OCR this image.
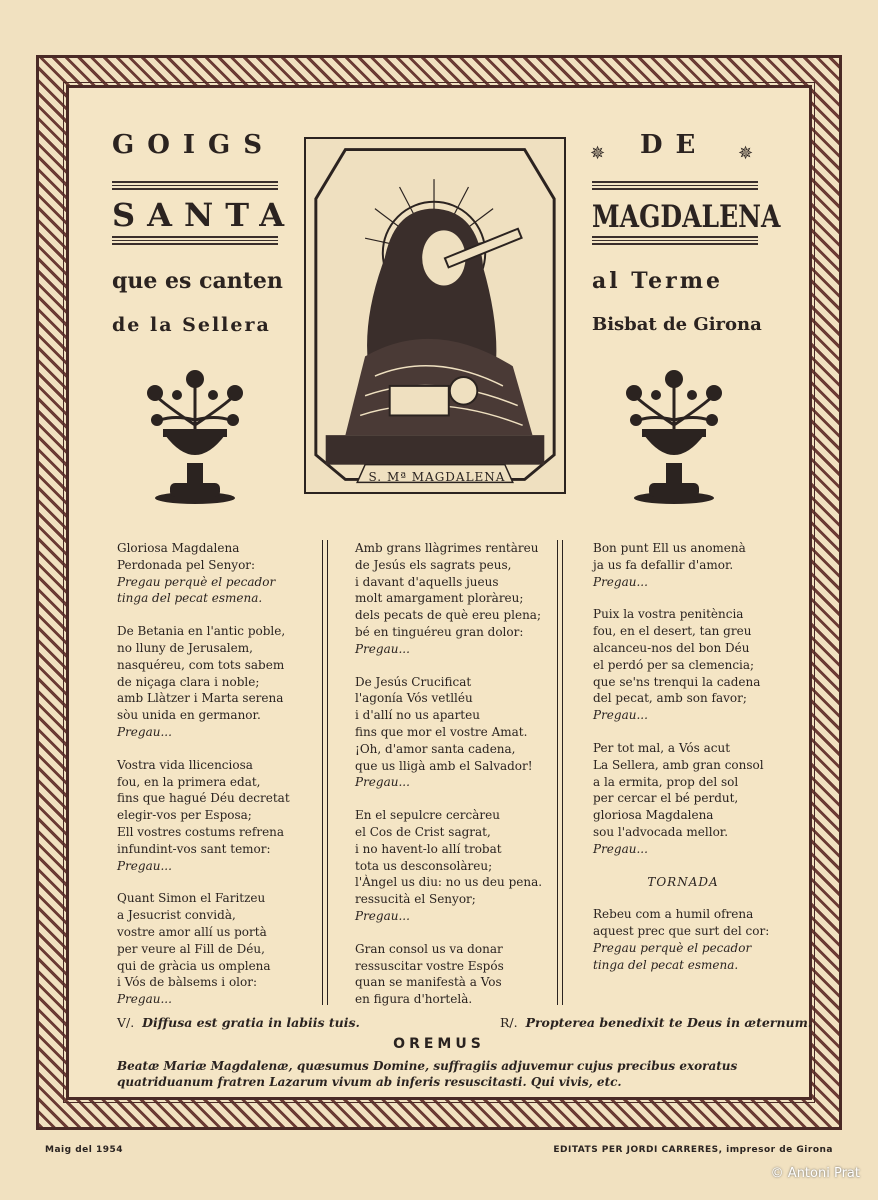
GOIGS
SANTA
que es canten
de la Sellera
✵ DE ✵
MAGDALENA
al Terme
Bisbat de Girona
S. Mª MAGDALENA
Gloriosa Magdalena
Perdonada pel Senyor:
Pregau perquè el pecador
tinga del pecat esmena.
De Betania en l'antic poble,
no lluny de Jerusalem,
nasquéreu, com tots sabem
de niçaga clara i noble;
amb Llàtzer i Marta serena
sòu unida en germanor.
Pregau...
Vostra vida llicenciosa
fou, en la primera edat,
fins que hagué Déu decretat
elegir-vos per Esposa;
Ell vostres costums refrena
infundint-vos sant temor:
Pregau...
Quant Simon el Faritzeu
a Jesucrist convidà,
vostre amor allí us portà
per veure al Fill de Déu,
qui de gràcia us omplena
i Vós de bàlsems i olor:
Pregau...
Amb grans llàgrimes rentàreu
de Jesús els sagrats peus,
i davant d'aquells jueus
molt amargament ploràreu;
dels pecats de què ereu plena;
bé en tinguéreu gran dolor:
Pregau...
De Jesús Crucificat
l'agonía Vós vetlléu
i d'allí no us aparteu
fins que mor el vostre Amat.
¡Oh, d'amor santa cadena,
que us lligà amb el Salvador!
Pregau...
En el sepulcre cercàreu
el Cos de Crist sagrat,
i no havent-lo allí trobat
tota us desconsolàreu;
l'Àngel us diu: no us deu pena.
ressucità el Senyor;
Pregau...
Gran consol us va donar
ressuscitar vostre Espós
quan se manifestà a Vos
en figura d'hortelà.
Bon punt Ell us anomenà
ja us fa defallir d'amor.
Pregau...
Puix la vostra penitència
fou, en el desert, tan greu
alcanceu-nos del bon Déu
el perdó per sa clemencia;
que se'ns trenqui la cadena
del pecat, amb son favor;
Pregau...
Per tot mal, a Vós acut
La Sellera, amb gran consol
a la ermita, prop del sol
per cercar el bé perdut,
gloriosa Magdalena
sou l'advocada mellor.
Pregau...
TORNADA
Rebeu com a humil ofrena
aquest prec que surt del cor:
Pregau perquè el pecador
tinga del pecat esmena.
V/. Diffusa est gratia in labiis tuis.	R/. Propterea benedixit te Deus in æternum.
OREMUS
Beatæ Mariæ Magdalenæ, quæsumus Domine, suffragiis adjuvemur cujus precibus exoratus quatriduanum fratren Lazarum vivum ab inferis resuscitasti. Qui vivis, etc.
Maig del 1954	EDITATS PER JORDI CARRERES, impresor de Girona
© Antoni Prat
